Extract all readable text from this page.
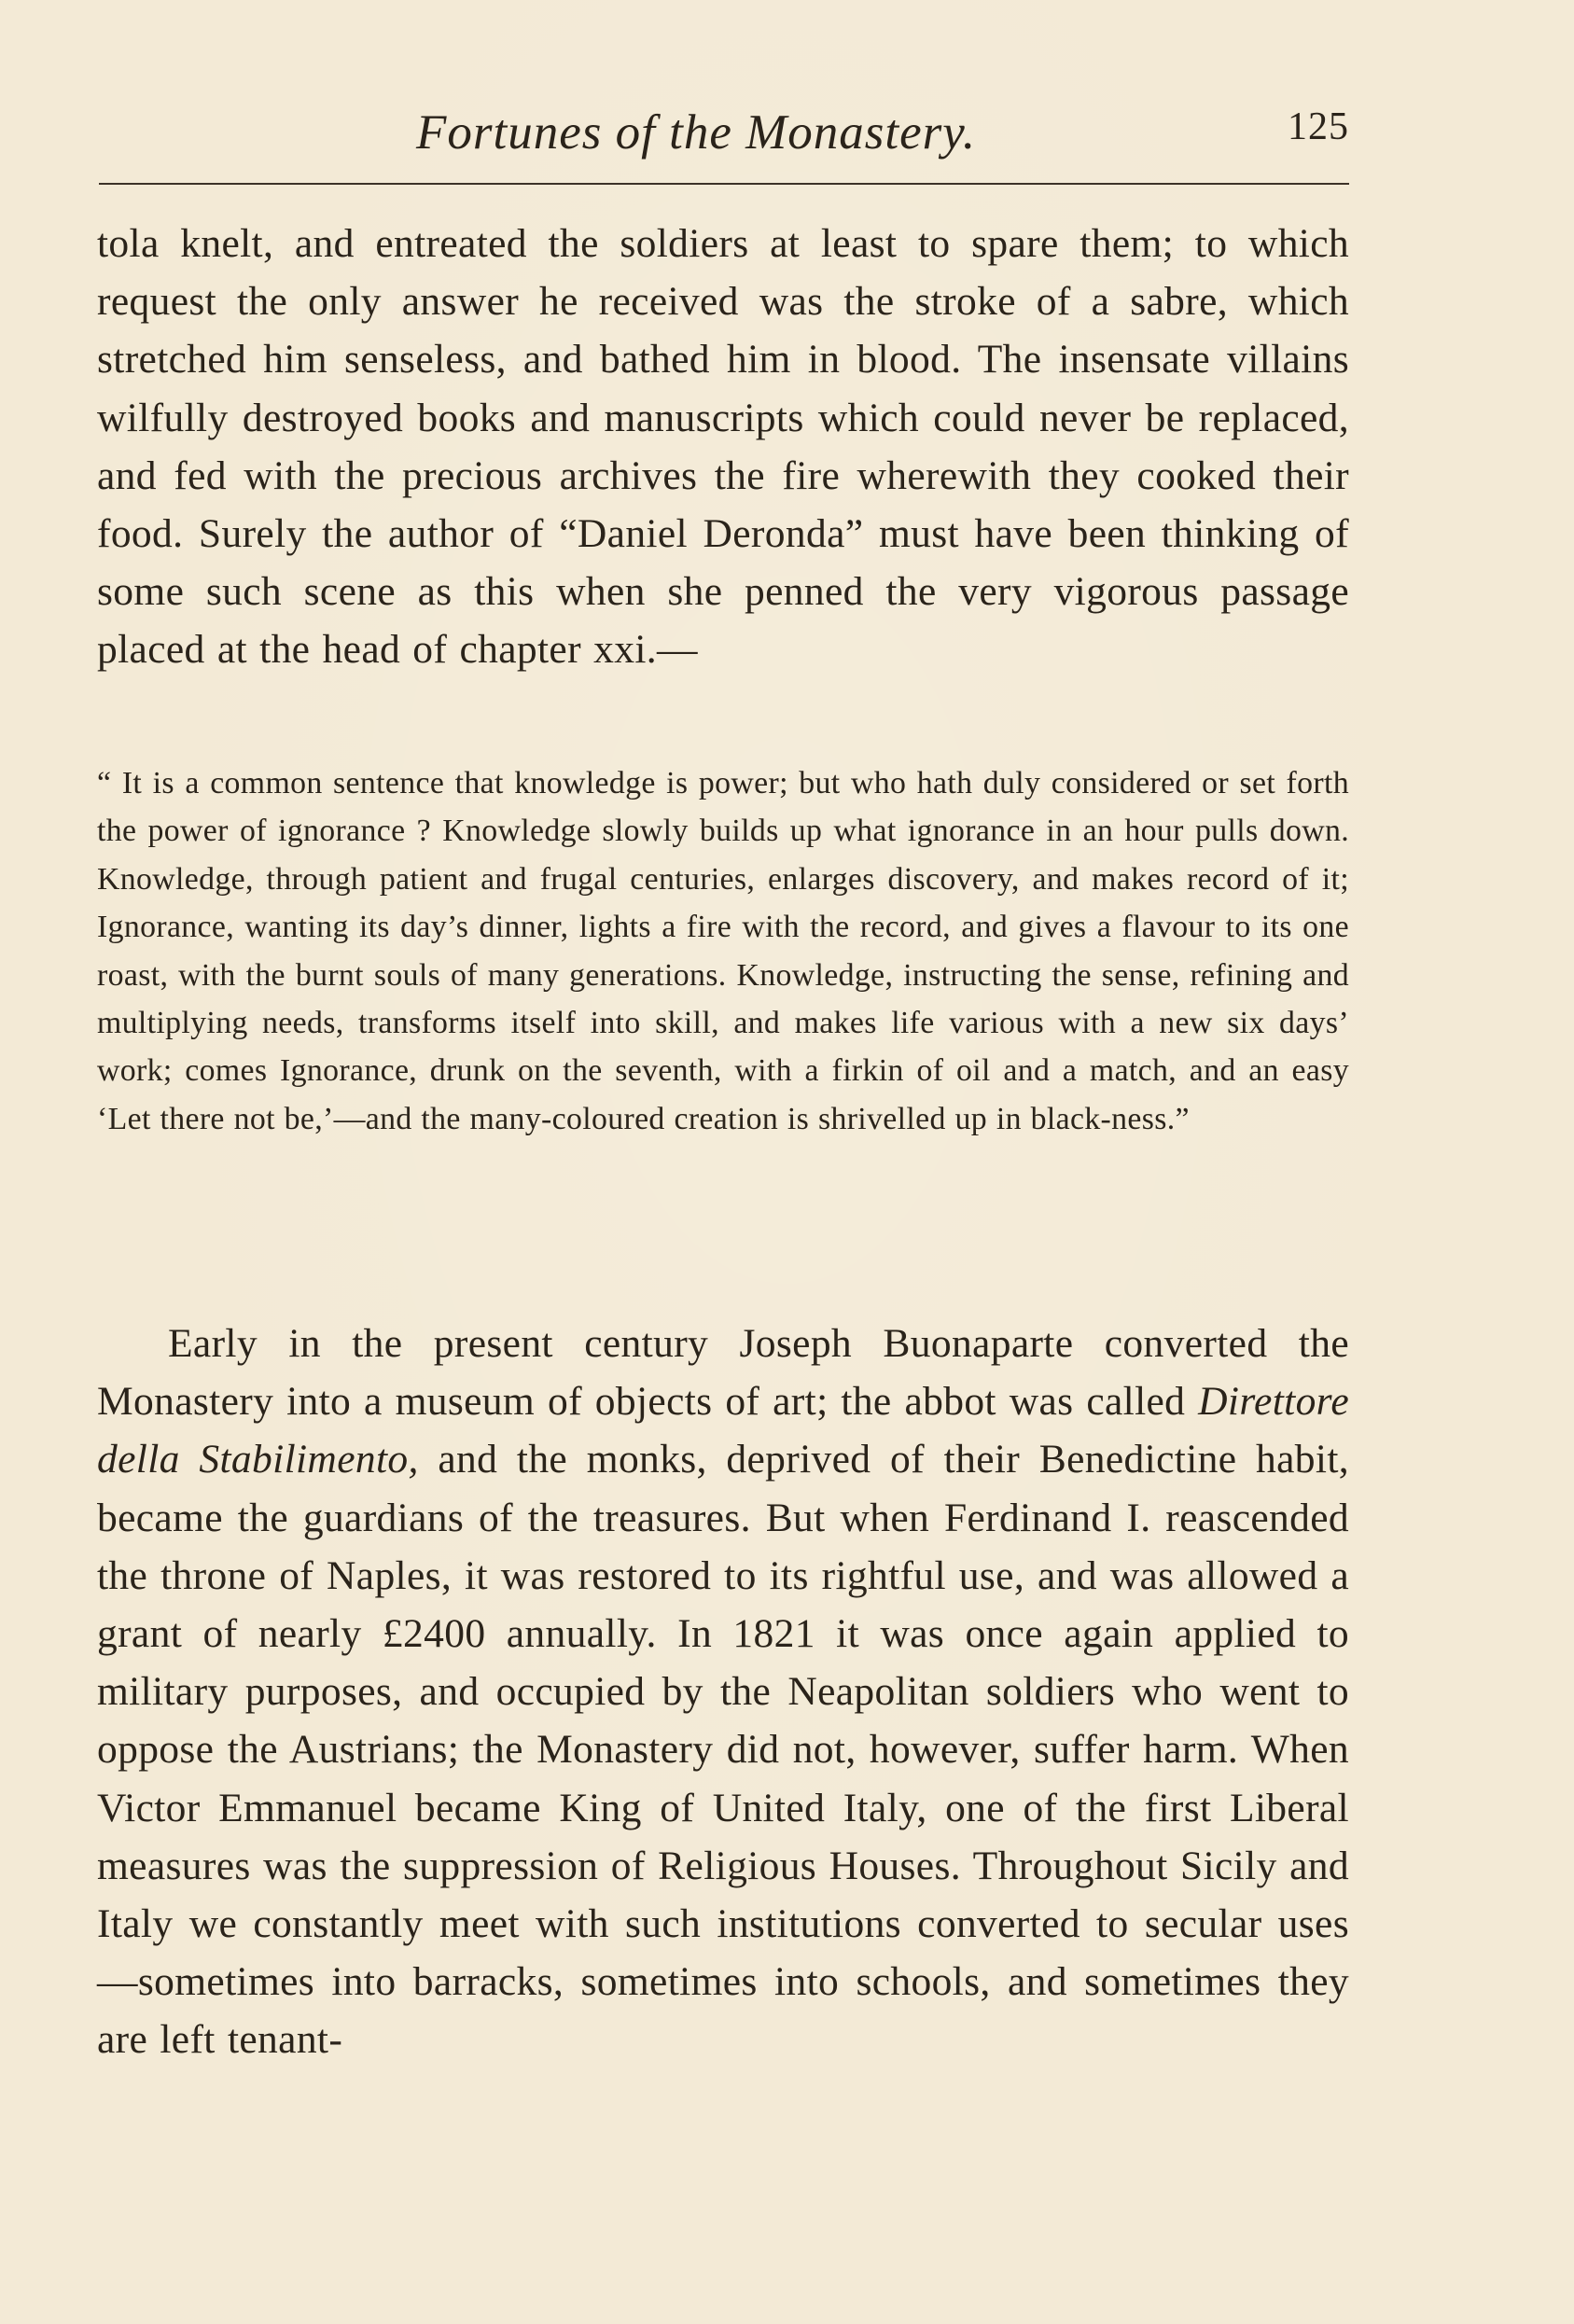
Fortunes of the Monastery.	125
tola knelt, and entreated the soldiers at least to spare them; to which request the only answer he received was the stroke of a sabre, which stretched him senseless, and bathed him in blood. The insensate villains wilfully destroyed books and manuscripts which could never be replaced, and fed with the precious archives the fire wherewith they cooked their food. Surely the author of “Daniel Deronda” must have been thinking of some such scene as this when she penned the very vigorous passage placed at the head of chapter xxi.—
“ It is a common sentence that knowledge is power; but who hath duly considered or set forth the power of ignorance ? Knowledge slowly builds up what ignorance in an hour pulls down. Knowledge, through patient and frugal centuries, enlarges discovery, and makes record of it; Ignorance, wanting its day’s dinner, lights a fire with the record, and gives a flavour to its one roast, with the burnt souls of many generations. Knowledge, instructing the sense, refining and multiplying needs, transforms itself into skill, and makes life various with a new six days’ work; comes Ignorance, drunk on the seventh, with a firkin of oil and a match, and an easy ‘Let there not be,’—and the many-coloured creation is shrivelled up in black-ness.”
Early in the present century Joseph Buonaparte converted the Monastery into a museum of objects of art; the abbot was called Direttore della Stabilimento, and the monks, deprived of their Benedictine habit, became the guardians of the treasures. But when Ferdinand I. reascended the throne of Naples, it was restored to its rightful use, and was allowed a grant of nearly £2400 annually. In 1821 it was once again applied to military purposes, and occupied by the Neapolitan soldiers who went to oppose the Austrians; the Monastery did not, however, suffer harm. When Victor Emmanuel became King of United Italy, one of the first Liberal measures was the suppression of Religious Houses. Throughout Sicily and Italy we constantly meet with such institutions converted to secular uses—sometimes into barracks, sometimes into schools, and sometimes they are left tenant-
